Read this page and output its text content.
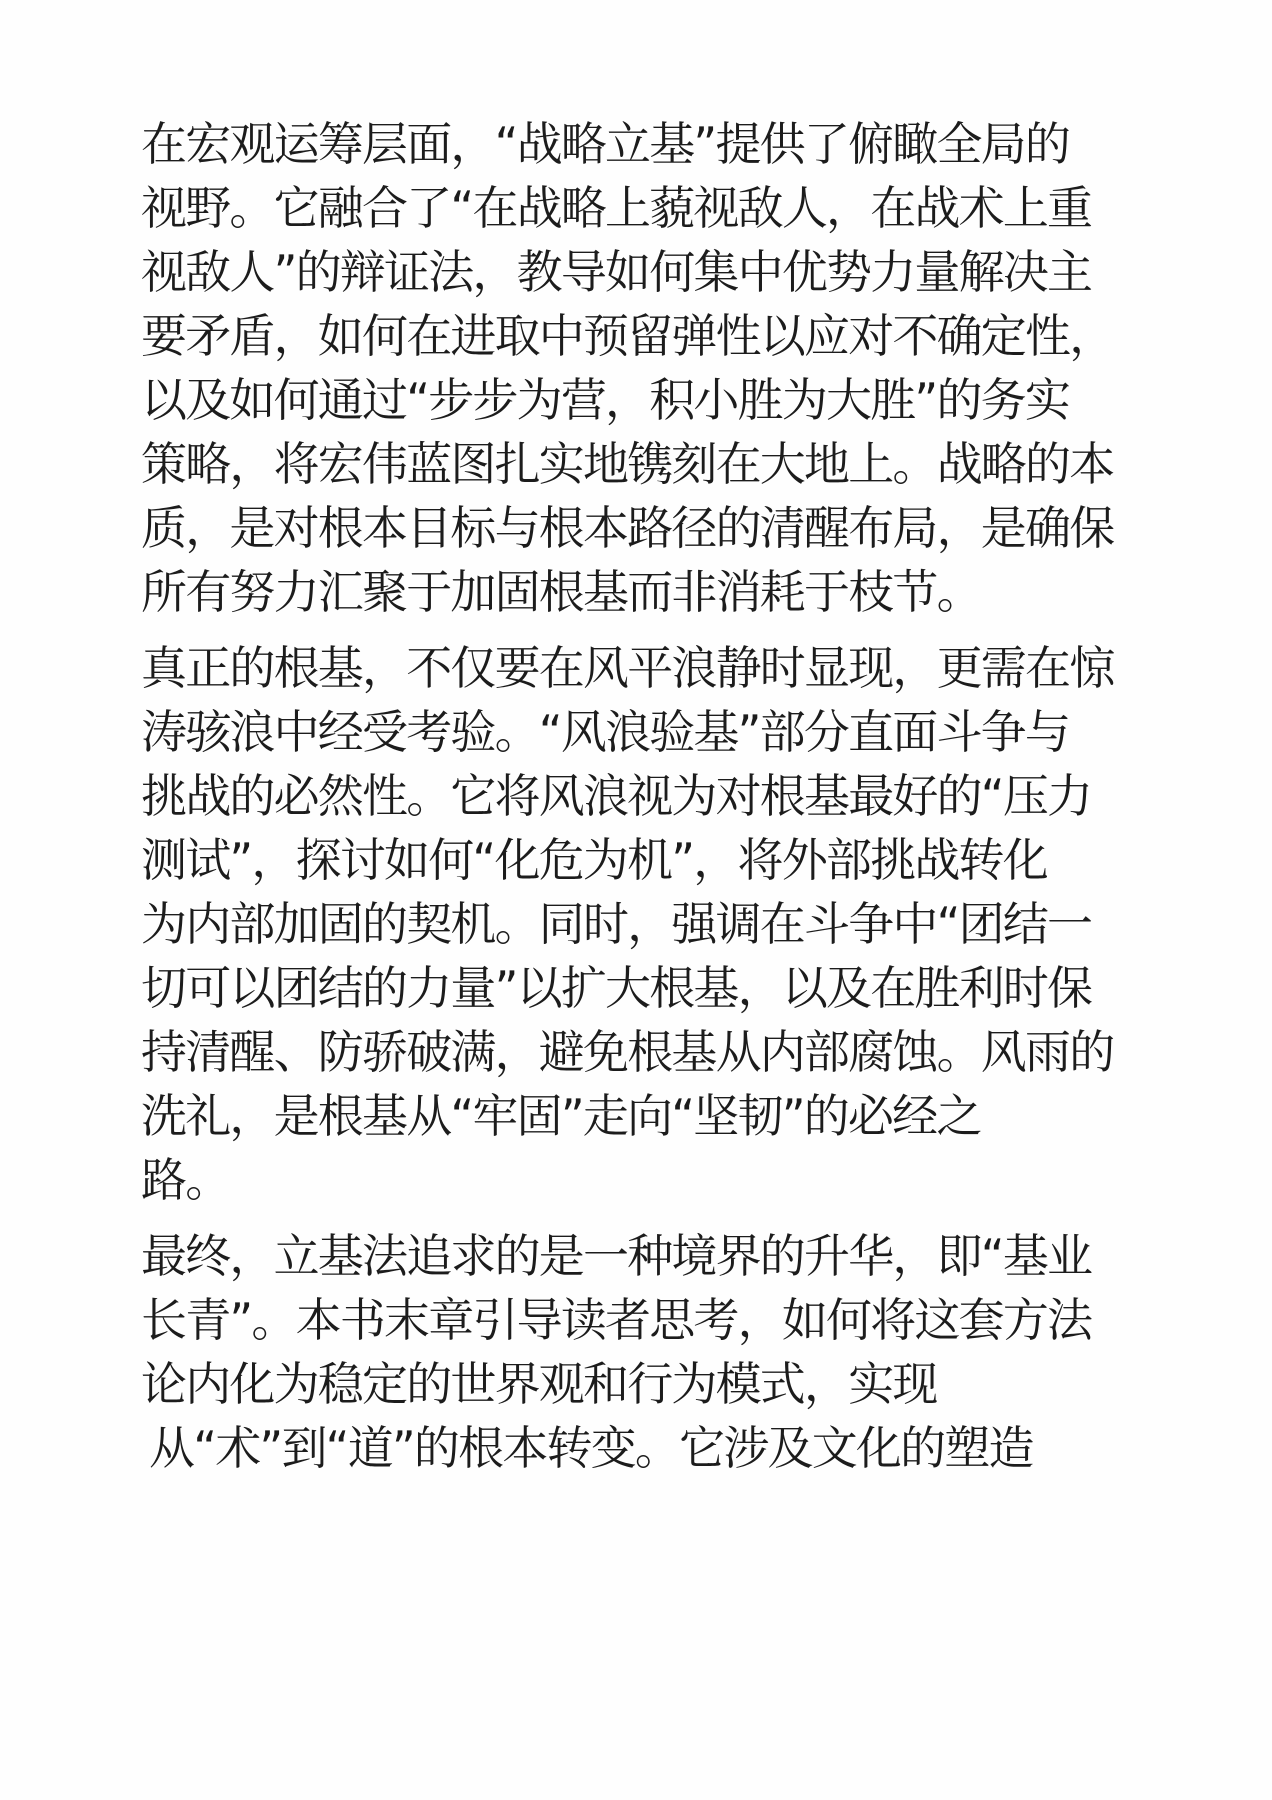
在宏观运筹层面，“战略立基”提供了俯瞰全局的
视野。它融合了“在战略上藐视敌人，在战术上重
视敌人”的辩证法，教导如何集中优势力量解决主
要矛盾，如何在进取中预留弹性以应对不确定性，
以及如何通过“步步为营，积小胜为大胜”的务实
策略，将宏伟蓝图扎实地镌刻在大地上。战略的本
质，是对根本目标与根本路径的清醒布局，是确保
所有努力汇聚于加固根基而非消耗于枝节。
真正的根基，不仅要在风平浪静时显现，更需在惊
涛骇浪中经受考验。“风浪验基”部分直面斗争与
挑战的必然性。它将风浪视为对根基最好的“压力
测试”，探讨如何“化危为机”，将外部挑战转化
为内部加固的契机。同时，强调在斗争中“团结一
切可以团结的力量”以扩大根基，以及在胜利时保
持清醒、防骄破满，避免根基从内部腐蚀。风雨的
洗礼，是根基从“牢固”走向“坚韧”的必经之
路。
最终，立基法追求的是一种境界的升华，即“基业
长青”。本书末章引导读者思考，如何将这套方法
论内化为稳定的世界观和行为模式，实现
从“术”到“道”的根本转变。它涉及文化的塑造
